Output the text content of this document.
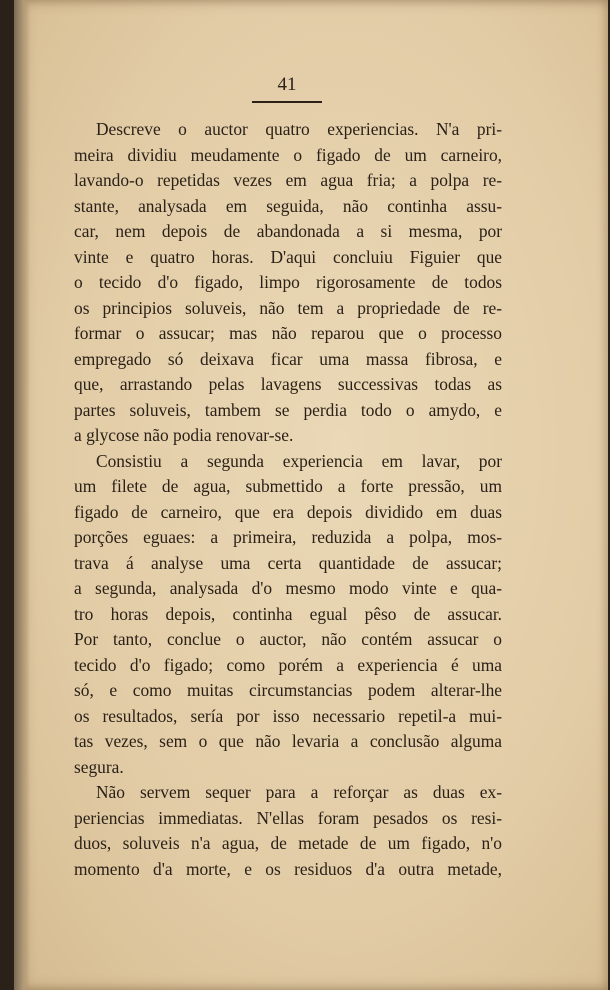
41

Descreve o auctor quatro experiencias. N'a pri-
meira dividiu meudamente o figado de um carneiro,
lavando-o repetidas vezes em agua fria; a polpa re-
stante, analysada em seguida, não continha assu-
car, nem depois de abandonada a si mesma, por
vinte e quatro horas. D'aqui concluiu Figuier que
o tecido d'o figado, limpo rigorosamente de todos
os principios soluveis, não tem a propriedade de re-
formar o assucar; mas não reparou que o processo
empregado só deixava ficar uma massa fibrosa, e
que, arrastando pelas lavagens successivas todas as
partes soluveis, tambem se perdia todo o amydo, e
a glycose não podia renovar-se.

Consistiu a segunda experiencia em lavar, por
um filete de agua, submettido a forte pressão, um
figado de carneiro, que era depois dividido em duas
porções eguaes: a primeira, reduzida a polpa, mos-
trava á analyse uma certa quantidade de assucar;
a segunda, analysada d'o mesmo modo vinte e qua-
tro horas depois, continha egual pêso de assucar.
Por tanto, conclue o auctor, não contém assucar o
tecido d'o figado; como porém a experiencia é uma
só, e como muitas circumstancias podem alterar-lhe
os resultados, sería por isso necessario repetil-a mui-
tas vezes, sem o que não levaria a conclusão alguma
segura.

Não servem sequer para a reforçar as duas ex-
periencias immediatas. N'ellas foram pesados os resi-
duos, soluveis n'a agua, de metade de um figado, n'o
momento d'a morte, e os residuos d'a outra metade,
